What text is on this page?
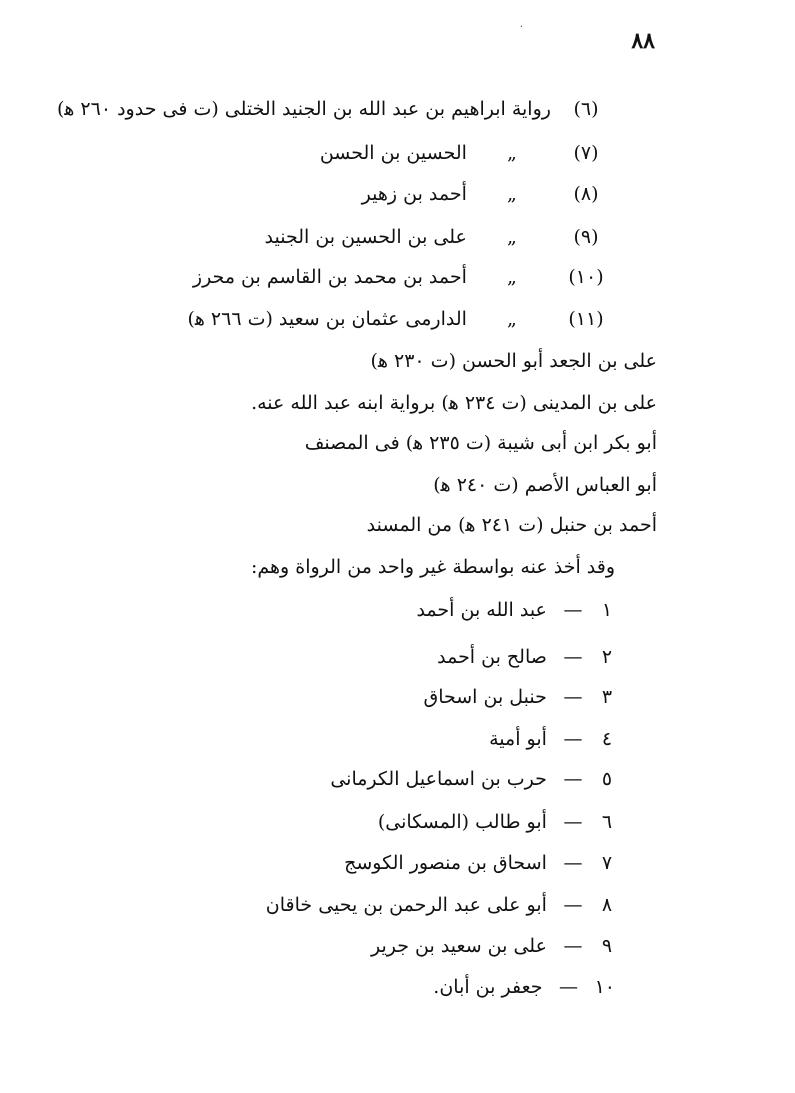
·
٨٨
(٦) رواية ابراهيم بن عبد الله بن الجنيد الختلى (ت فى حدود ٢٦٠ ﻫ)
(٧) „ الحسين بن الحسن
(٨) „ أحمد بن زهير
(٩) „ على بن الحسين بن الجنيد
(١٠) „ أحمد بن محمد بن القاسم بن محرز
(١١) „ الدارمى عثمان بن سعيد (ت ٢٦٦ ﻫ)
على بن الجعد أبو الحسن (ت ٢٣٠ ﻫ)
على بن المدينى (ت ٢٣٤ ﻫ) برواية ابنه عبد الله عنه.
أبو بكر ابن أبى شيبة (ت ٢٣٥ ﻫ) فى المصنف
أبو العباس الأصم (ت ٢٤٠ ﻫ)
أحمد بن حنبل (ت ٢٤١ ﻫ) من المسند
وقد أخذ عنه بواسطة غير واحد من الرواة وهم:
١ — عبد الله بن أحمد
٢ — صالح بن أحمد
٣ — حنبل بن اسحاق
٤ — أبو أمية
٥ — حرب بن اسماعيل الكرمانى
٦ — أبو طالب (المسكانى)
٧ — اسحاق بن منصور الكوسج
٨ — أبو على عبد الرحمن بن يحيى خاقان
٩ — على بن سعيد بن جرير
١٠ — جعفر بن أبان.
